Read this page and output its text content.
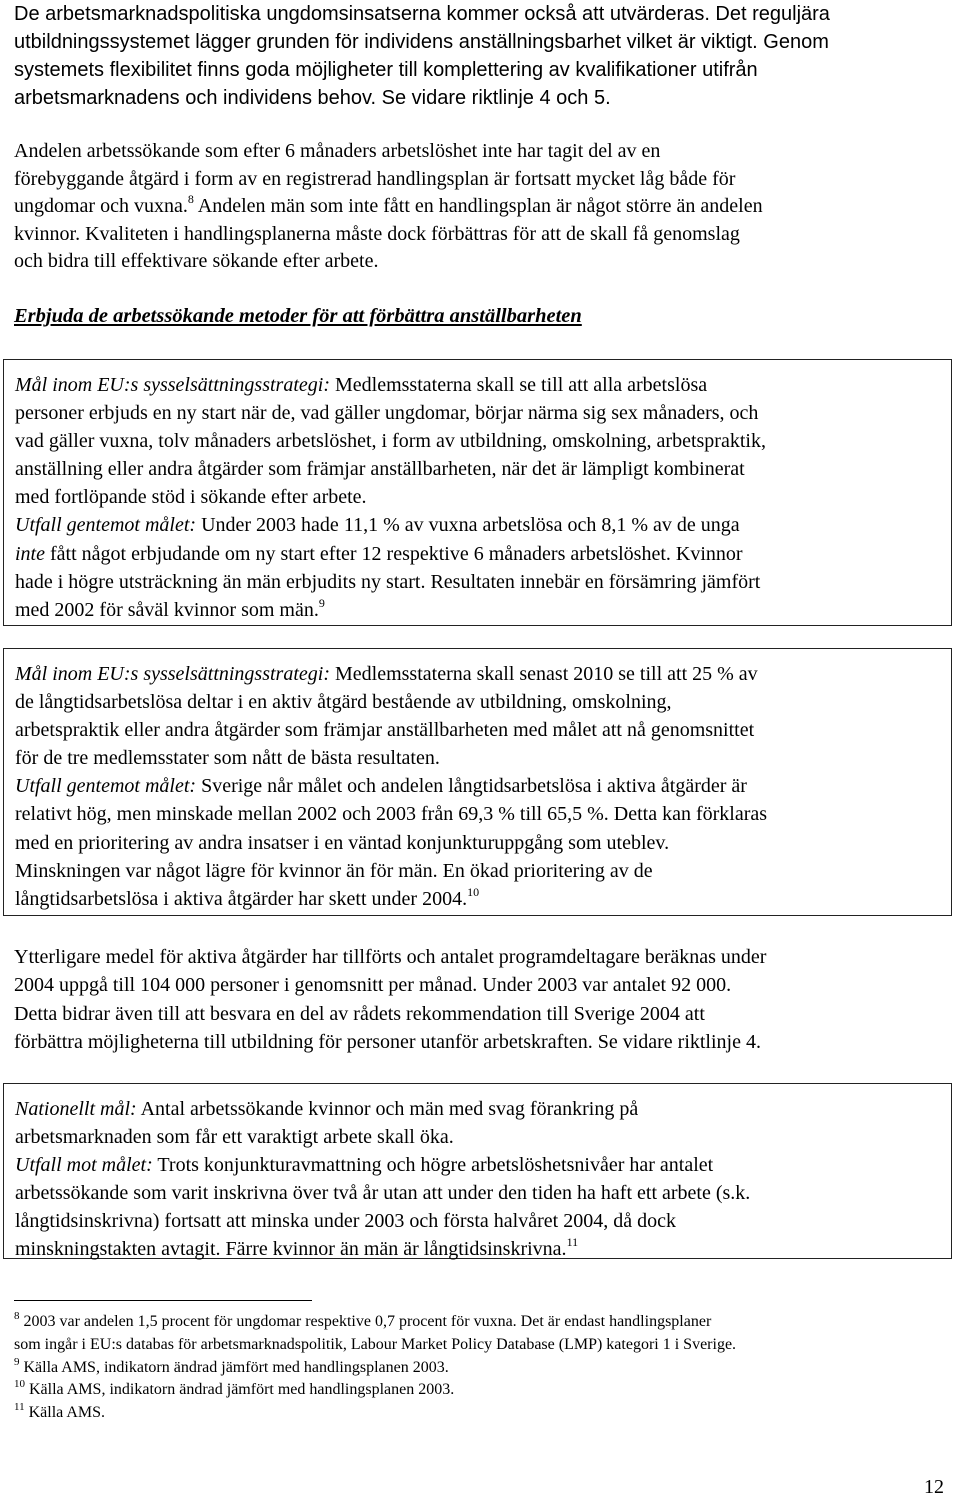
De arbetsmarknadspolitiska ungdomsinsatserna kommer också att utvärderas. Det reguljära
utbildningssystemet lägger grunden för individens anställningsbarhet vilket är viktigt. Genom
systemets flexibilitet finns goda möjligheter till komplettering av kvalifikationer utifrån
arbetsmarknadens och individens behov. Se vidare riktlinje 4 och 5.
Andelen arbetssökande som efter 6 månaders arbetslöshet inte har tagit del av en
förebyggande åtgärd i form av en registrerad handlingsplan är fortsatt mycket låg både för
ungdomar och vuxna.$^8$ Andelen män som inte fått en handlingsplan är något större än andelen
kvinnor. Kvaliteten i handlingsplanerna måste dock förbättras för att de skall få genomslag
och bidra till effektivare sökande efter arbete.
Erbjuda de arbetssökande metoder för att förbättra anställbarheten
Mål inom EU:s sysselsättningsstrategi: Medlemsstaterna skall se till att alla arbetslösa
personer erbjuds en ny start när de, vad gäller ungdomar, börjar närma sig sex månaders, och
vad gäller vuxna, tolv månaders arbetslöshet, i form av utbildning, omskolning, arbetspraktik,
anställning eller andra åtgärder som främjar anställbarheten, när det är lämpligt kombinerat
med fortlöpande stöd i sökande efter arbete.
Utfall gentemot målet: Under 2003 hade 11,1 % av vuxna arbetslösa och 8,1 % av de unga
inte fått något erbjudande om ny start efter 12 respektive 6 månaders arbetslöshet. Kvinnor
hade i högre utsträckning än män erbjudits ny start. Resultaten innebär en försämring jämfört
med 2002 för såväl kvinnor som män.$^9$
Mål inom EU:s sysselsättningsstrategi: Medlemsstaterna skall senast 2010 se till att 25 % av
de långtidsarbetslösa deltar i en aktiv åtgärd bestående av utbildning, omskolning,
arbetspraktik eller andra åtgärder som främjar anställbarheten med målet att nå genomsnittet
för de tre medlemsstater som nått de bästa resultaten.
Utfall gentemot målet: Sverige når målet och andelen långtidsarbetslösa i aktiva åtgärder är
relativt hög, men minskade mellan 2002 och 2003 från 69,3 % till 65,5 %. Detta kan förklaras
med en prioritering av andra insatser i en väntad konjunkturuppgång som uteblev.
Minskningen var något lägre för kvinnor än för män. En ökad prioritering av de
långtidsarbetslösa i aktiva åtgärder har skett under 2004.10
Ytterligare medel för aktiva åtgärder har tillförts och antalet programdeltagare beräknas under
2004 uppgå till 104 000 personer i genomsnitt per månad. Under 2003 var antalet 92 000.
Detta bidrar även till att besvara en del av rådets rekommendation till Sverige 2004 att
förbättra möjligheterna till utbildning för personer utanför arbetskraften. Se vidare riktlinje 4.
Nationellt mål: Antal arbetssökande kvinnor och män med svag förankring på
arbetsmarknaden som får ett varaktigt arbete skall öka.
Utfall mot målet: Trots konjunkturavmattning och högre arbetslöshetsnivåer har antalet
arbetssökande som varit inskrivna över två år utan att under den tiden ha haft ett arbete (s.k.
långtidsinskrivna) fortsatt att minska under 2003 och första halvåret 2004, då dock
minskningstakten avtagit. Färre kvinnor än män är långtidsinskrivna.$^{11}$
$^8$ 2003 var andelen 1,5 procent för ungdomar respektive 0,7 procent för vuxna. Det är endast handlingsplaner
som ingår i EU:s databas för arbetsmarknadspolitik, Labour Market Policy Database (LMP) kategori 1 i Sverige.
$^9$ Källa AMS, indikatorn ändrad jämfört med handlingsplanen 2003.
$^{10}$ Källa AMS, indikatorn ändrad jämfört med handlingsplanen 2003.
$^{11}$ Källa AMS.
12
